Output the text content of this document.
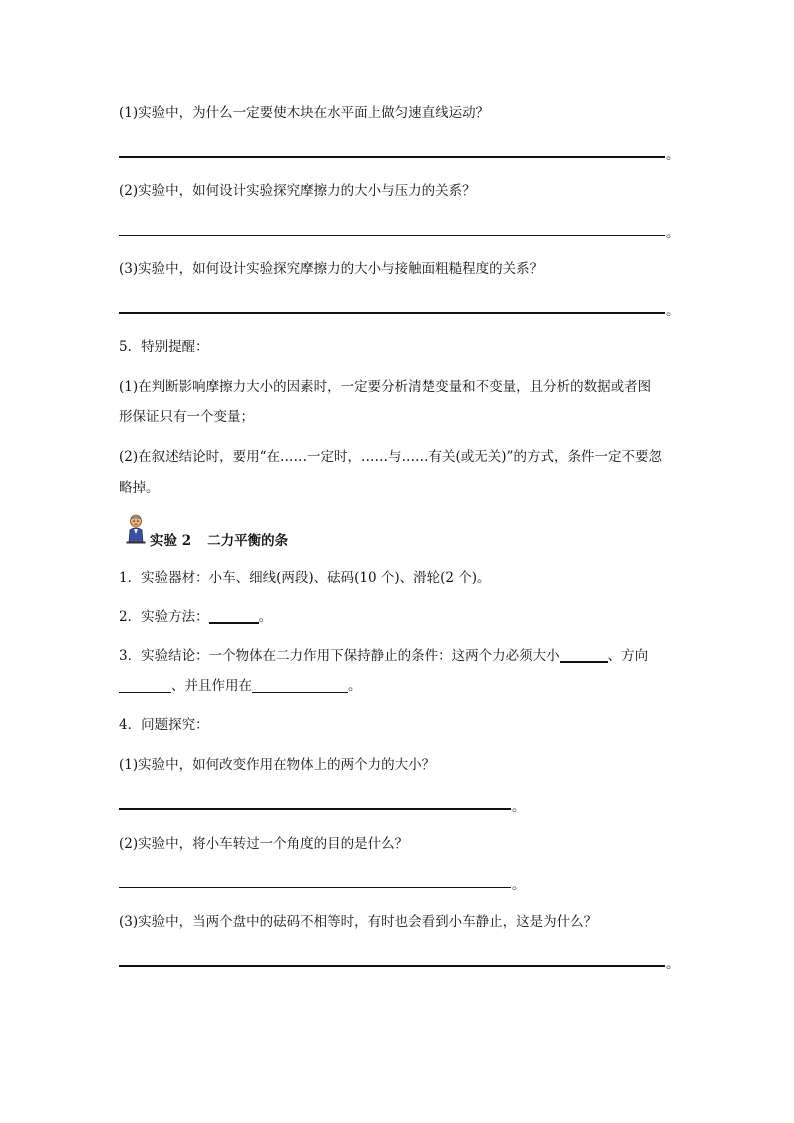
(1)实验中，为什么一定要使木块在水平面上做匀速直线运动？
。
(2)实验中，如何设计实验探究摩擦力的大小与压力的关系？
。
(3)实验中，如何设计实验探究摩擦力的大小与接触面粗糙程度的关系？
。
5．特别提醒：
(1)在判断影响摩擦力大小的因素时，一定要分析清楚变量和不变量，且分析的数据或者图
形保证只有一个变量；
(2)在叙述结论时，要用“在……一定时，……与……有关(或无关)”的方式，条件一定不要忽
略掉。
实验 2 二力平衡的条
1．实验器材：小车、细线(两段)、砝码(10 个)、滑轮(2 个)。
2．实验方法：	。
3．实验结论：一个物体在二力作用下保持静止的条件：这两个力必须大小	、方向
、并且作用在	。
4．问题探究：
(1)实验中，如何改变作用在物体上的两个力的大小？
。
(2)实验中，将小车转过一个角度的目的是什么？
。
(3)实验中，当两个盘中的砝码不相等时，有时也会看到小车静止，这是为什么？
。
